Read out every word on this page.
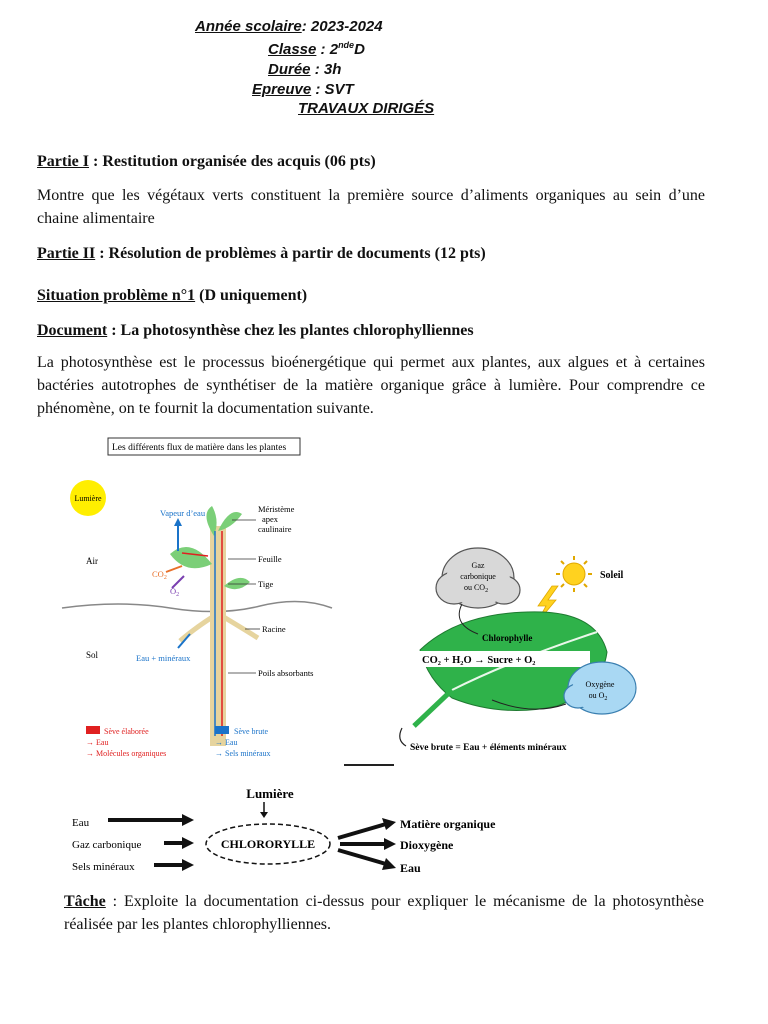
Année scolaire: 2023-2024
Classe : 2ndeD
Durée : 3h
Epreuve : SVT
TRAVAUX DIRIGÉS
Partie I : Restitution organisée des acquis (06 pts)
Montre que les végétaux verts constituent la première source d’aliments organiques au sein d’une chaine alimentaire
Partie II : Résolution de problèmes à partir de documents (12 pts)
Situation problème n°1 (D uniquement)
Document : La photosynthèse chez les plantes chlorophylliennes
La photosynthèse est le processus bioénergétique qui permet aux plantes, aux algues et à certaines bactéries autotrophes de synthétiser de la matière organique grâce à lumière. Pour comprendre ce phénomène, on te fournit la documentation suivante.
Les différents flux de matière dans les plantes
Lumière
Air
Sol
Vapeur d’eau
$CO_2$
$O_2$
Eau + minéraux
Méristème
apex
caulinaire
Feuille
Tige
Racine
Poils absorbants
Sève élaborée
→ Eau
→ Molécules organiques
Sève brute
→ Eau
→ Sels minéraux
Gaz
carbonique
ou $CO_2$
Soleil
Chlorophylle
CO₂ + H₂O → Sucre + O₂
Oxygène
ou $O_2$
Sève brute = Eau + éléments minéraux
Lumière
CHLORORYLLE
Eau
Gaz carbonique
Sels minéraux
Matière organique
Dioxygène
Eau
Tâche : Exploite la documentation ci-dessus pour expliquer le mécanisme de la photosynthèse réalisée par les plantes chlorophylliennes.
